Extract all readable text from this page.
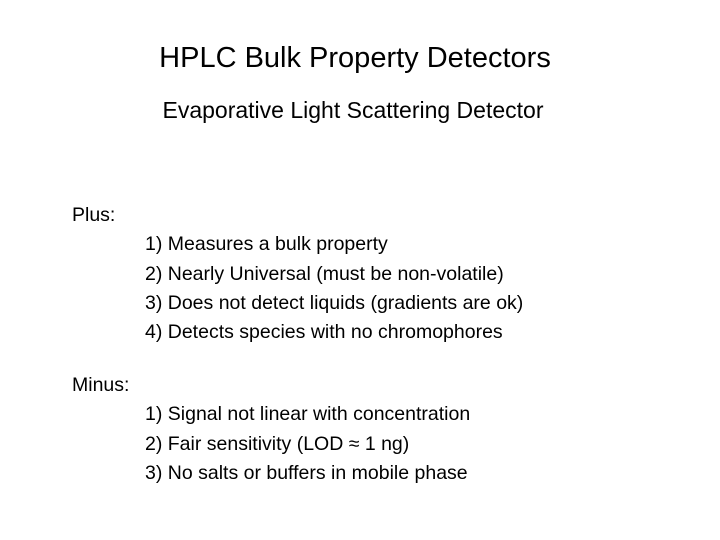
HPLC Bulk Property Detectors
Evaporative Light Scattering Detector
Plus:
1) Measures a bulk property
2) Nearly Universal (must be non-volatile)
3) Does not detect liquids (gradients are ok)
4) Detects species with no chromophores
Minus:
1) Signal not linear with concentration
2) Fair sensitivity (LOD ≈ 1 ng)
3) No salts or buffers in mobile phase
